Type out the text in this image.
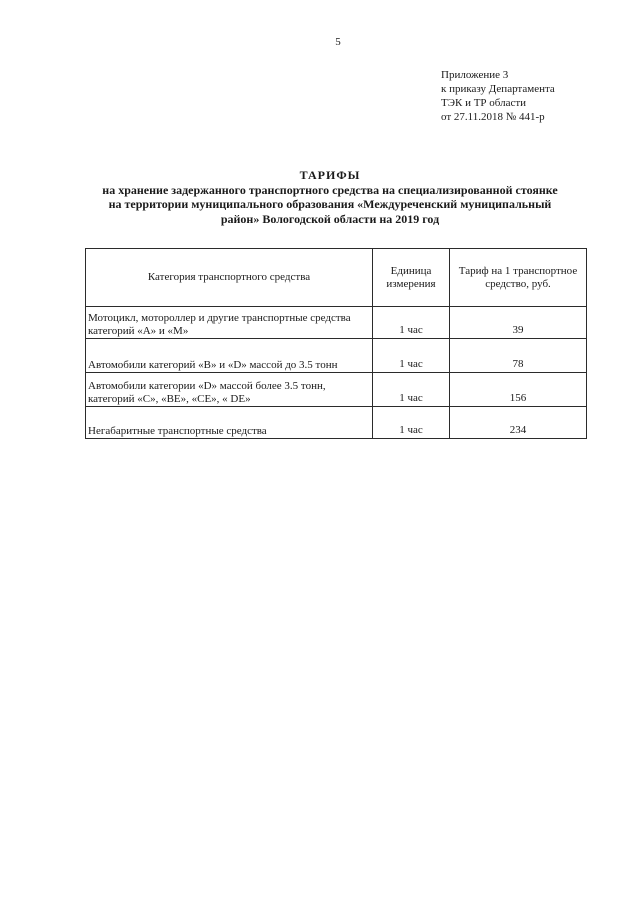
5
Приложение 3
к приказу Департамента
ТЭК и ТР области
от 27.11.2018 № 441-р
ТАРИФЫ
на хранение задержанного транспортного средства на специализированной стоянке
на территории муниципального образования «Междуреченский муниципальный
район» Вологодской области на 2019 год
Категория транспортного средства	Единица измерения	Тариф на 1 транспортное средство, руб.
Мотоцикл, мотороллер и другие транспортные средства категорий «А» и «М»	1 час	39
Автомобили категорий «В» и «D» массой до 3.5 тонн	1 час	78
Автомобили категории «D» массой более 3.5 тонн, категорий «С», «ВЕ», «СЕ», « DE»	1 час	156
Негабаритные транспортные средства	1 час	234
